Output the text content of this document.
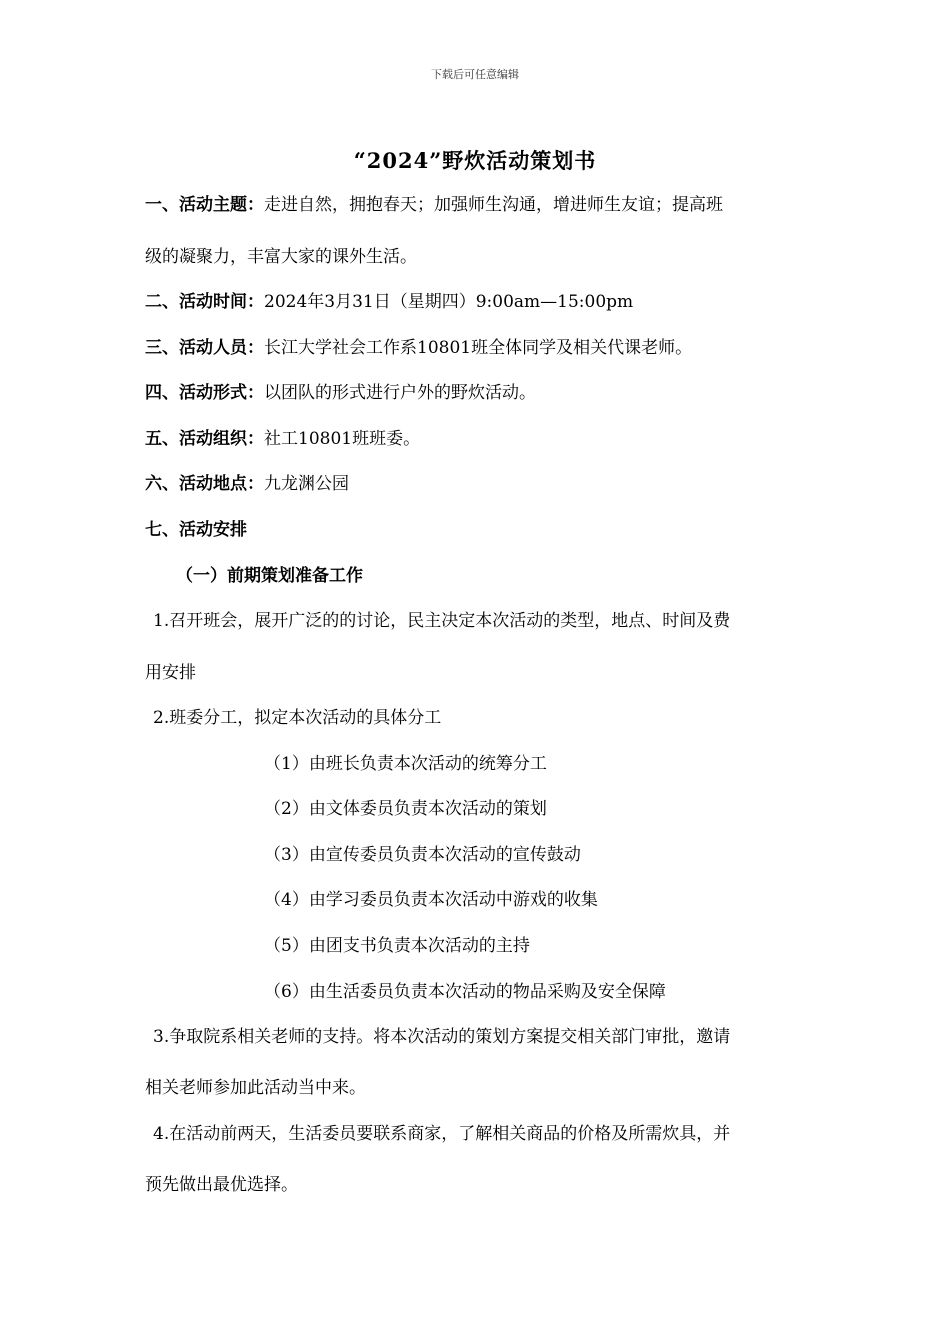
下载后可任意编辑
“2024”野炊活动策划书
一、活动主题：走进自然，拥抱春天；加强师生沟通，增进师生友谊；提高班
级的凝聚力，丰富大家的课外生活。
二、活动时间：2024年3月31日（星期四）9:00am—15:00pm
三、活动人员：长江大学社会工作系10801班全体同学及相关代课老师。
四、活动形式：以团队的形式进行户外的野炊活动。
五、活动组织：社工10801班班委。
六、活动地点：九龙渊公园
七、活动安排
（一）前期策划准备工作
1.召开班会，展开广泛的的讨论，民主决定本次活动的类型，地点、时间及费
用安排
2.班委分工，拟定本次活动的具体分工
（1）由班长负责本次活动的统筹分工
（2）由文体委员负责本次活动的策划
（3）由宣传委员负责本次活动的宣传鼓动
（4）由学习委员负责本次活动中游戏的收集
（5）由团支书负责本次活动的主持
（6）由生活委员负责本次活动的物品采购及安全保障
3.争取院系相关老师的支持。将本次活动的策划方案提交相关部门审批，邀请
相关老师参加此活动当中来。
4.在活动前两天，生活委员要联系商家，了解相关商品的价格及所需炊具，并
预先做出最优选择。
